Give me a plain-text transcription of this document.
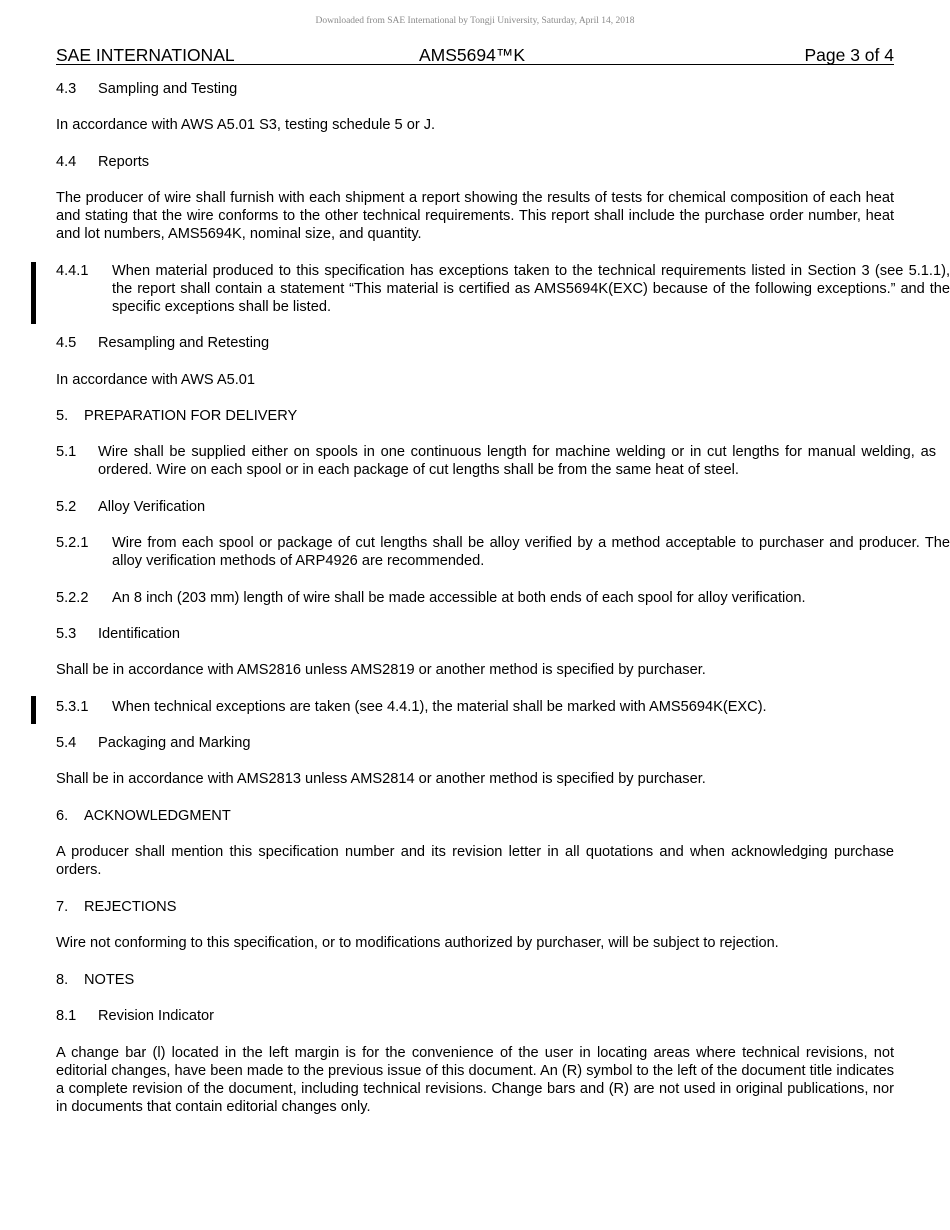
Downloaded from SAE International by Tongji University, Saturday, April 14, 2018
SAE INTERNATIONAL	AMS5694™K	Page 3 of 4
4.3 Sampling and Testing
In accordance with AWS A5.01 S3, testing schedule 5 or J.
4.4 Reports
The producer of wire shall furnish with each shipment a report showing the results of tests for chemical composition of each heat and stating that the wire conforms to the other technical requirements. This report shall include the purchase order number, heat and lot numbers, AMS5694K, nominal size, and quantity.
4.4.1 When material produced to this specification has exceptions taken to the technical requirements listed in Section 3 (see 5.1.1), the report shall contain a statement “This material is certified as AMS5694K(EXC) because of the following exceptions.” and the specific exceptions shall be listed.
4.5 Resampling and Retesting
In accordance with AWS A5.01
5. PREPARATION FOR DELIVERY
5.1 Wire shall be supplied either on spools in one continuous length for machine welding or in cut lengths for manual welding, as ordered. Wire on each spool or in each package of cut lengths shall be from the same heat of steel.
5.2 Alloy Verification
5.2.1 Wire from each spool or package of cut lengths shall be alloy verified by a method acceptable to purchaser and producer. The alloy verification methods of ARP4926 are recommended.
5.2.2 An 8 inch (203 mm) length of wire shall be made accessible at both ends of each spool for alloy verification.
5.3 Identification
Shall be in accordance with AMS2816 unless AMS2819 or another method is specified by purchaser.
5.3.1 When technical exceptions are taken (see 4.4.1), the material shall be marked with AMS5694K(EXC).
5.4 Packaging and Marking
Shall be in accordance with AMS2813 unless AMS2814 or another method is specified by purchaser.
6. ACKNOWLEDGMENT
A producer shall mention this specification number and its revision letter in all quotations and when acknowledging purchase orders.
7. REJECTIONS
Wire not conforming to this specification, or to modifications authorized by purchaser, will be subject to rejection.
8. NOTES
8.1 Revision Indicator
A change bar (l) located in the left margin is for the convenience of the user in locating areas where technical revisions, not editorial changes, have been made to the previous issue of this document. An (R) symbol to the left of the document title indicates a complete revision of the document, including technical revisions. Change bars and (R) are not used in original publications, nor in documents that contain editorial changes only.
